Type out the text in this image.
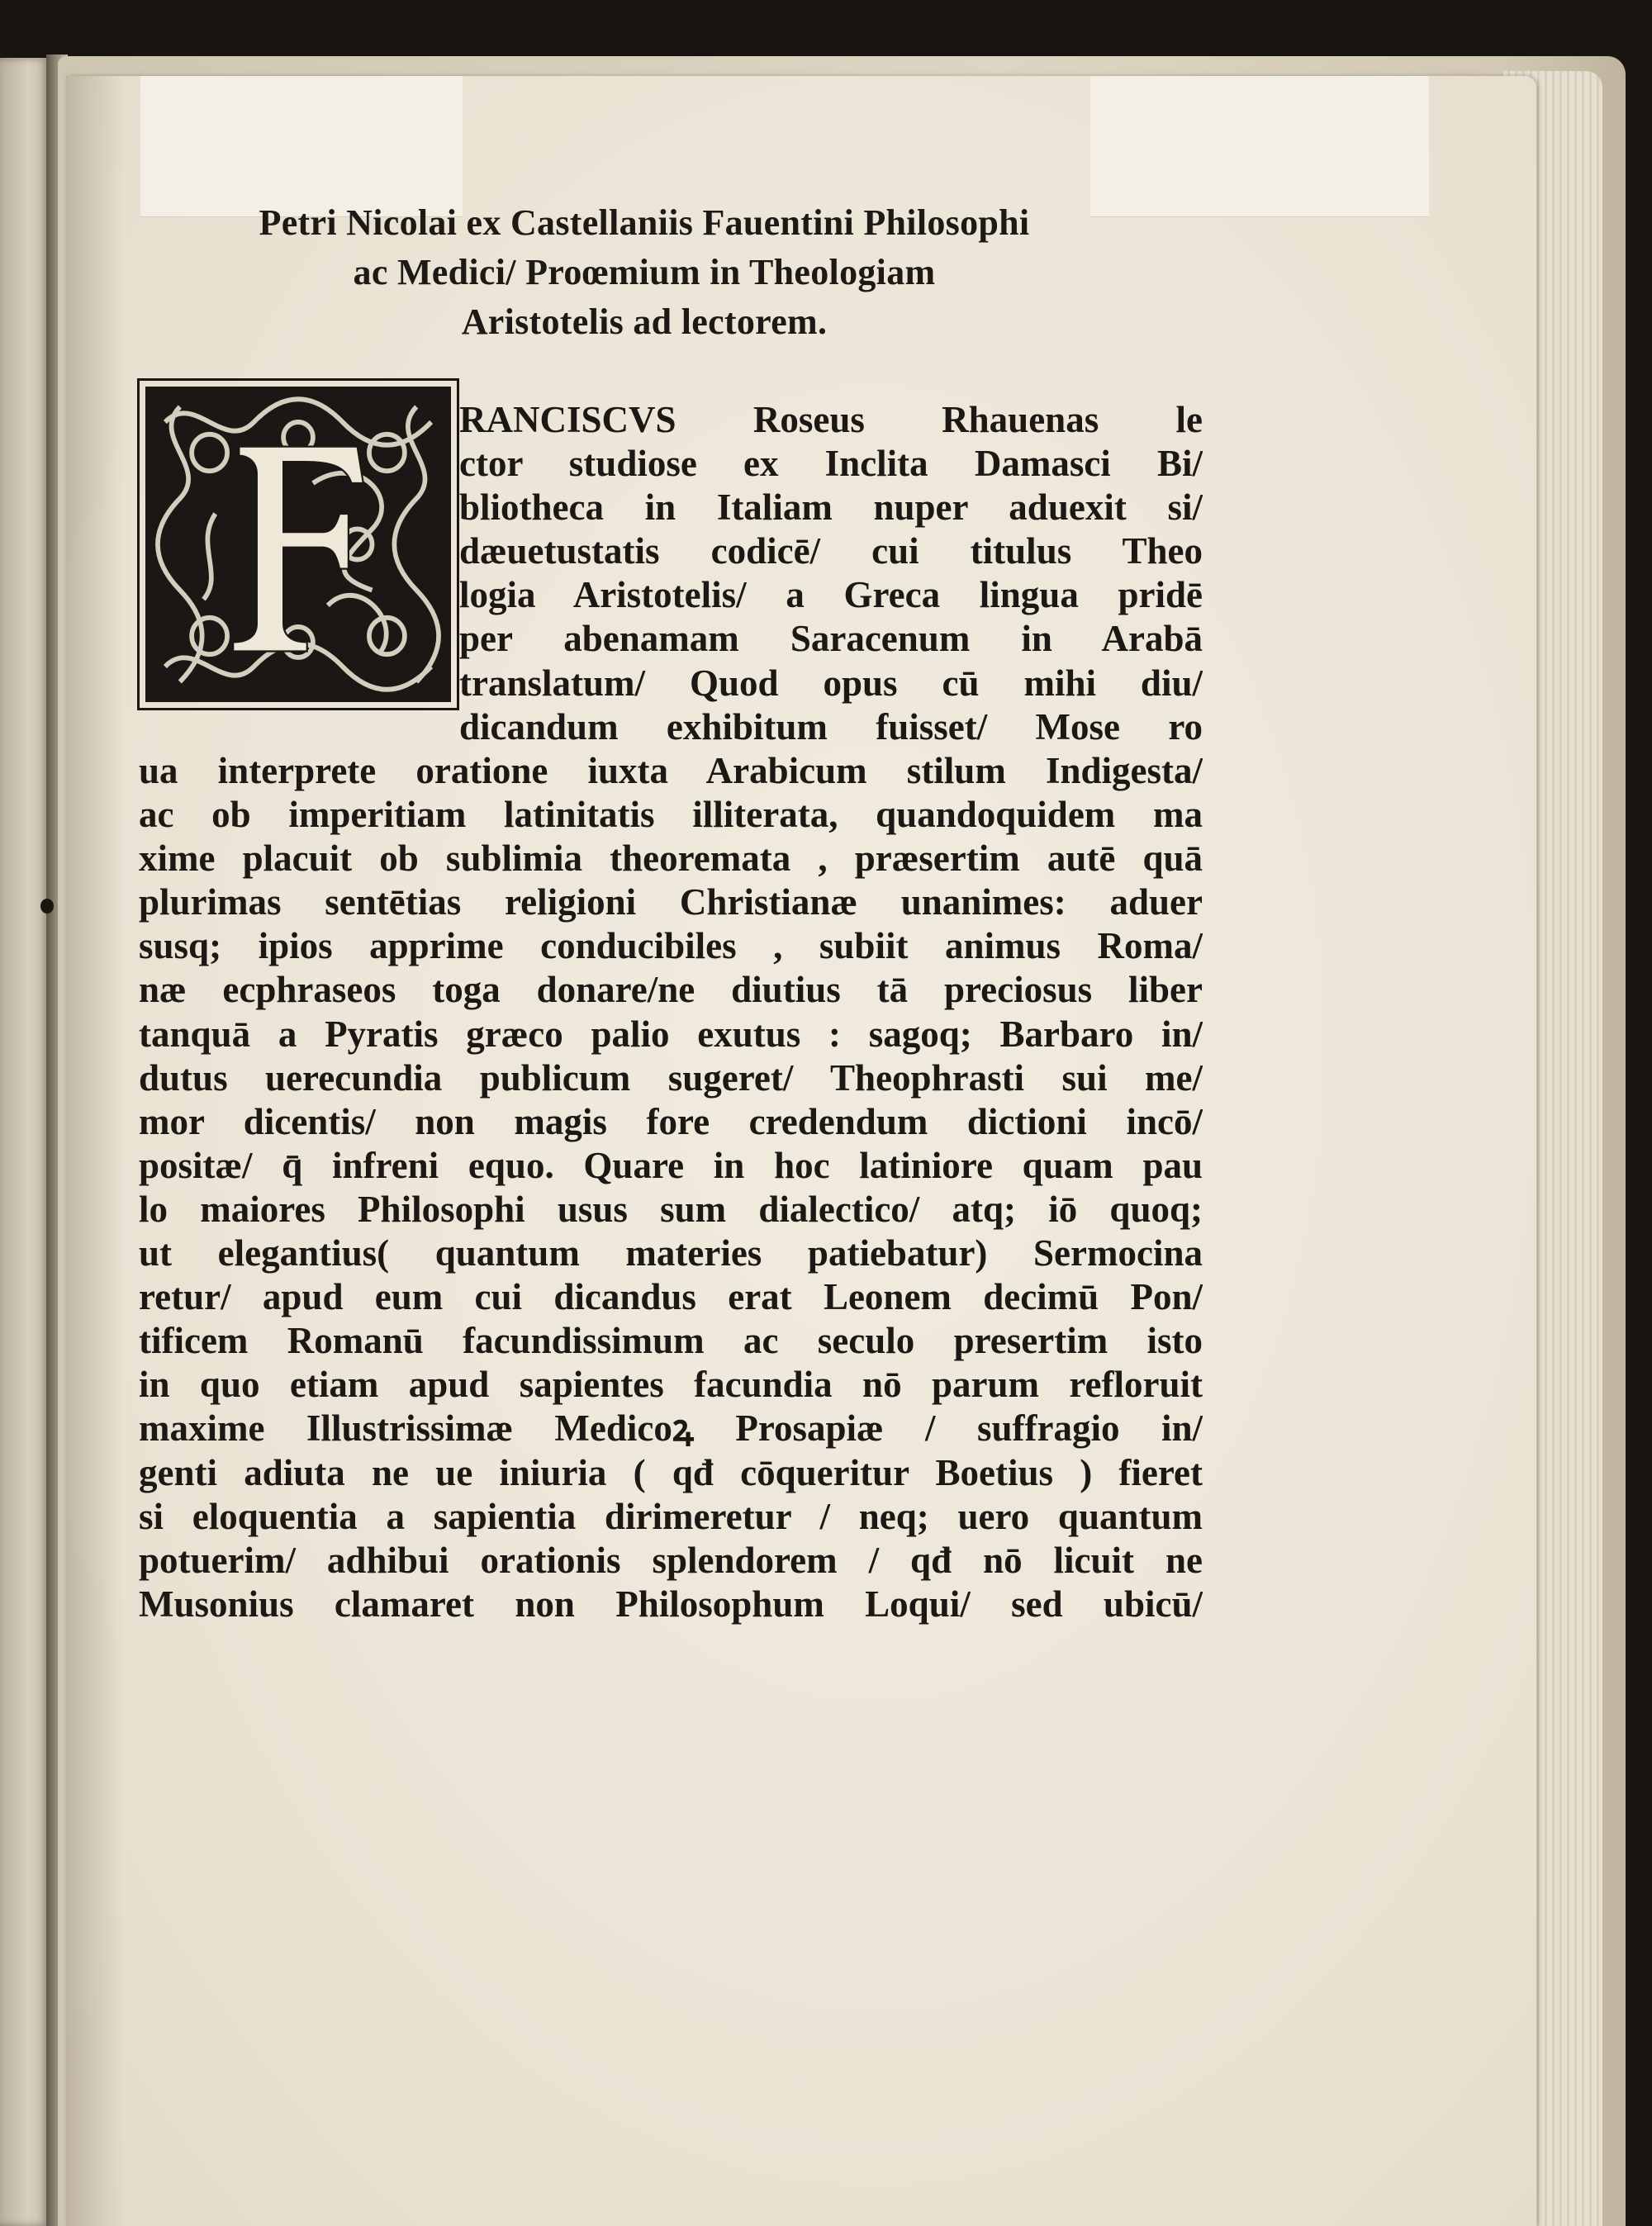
Petri Nicolai ex Castellaniis Fauentini Philosophi
ac Medici/ Proœmium in Theologiam
Aristotelis ad lectorem.
RANCISCVS Roseus Rhauenas le
ctor studiose ex Inclita Damasci Bi/
bliotheca in Italiam nuper aduexit si/
dæuetustatis codicē/ cui titulus Theo
logia Aristotelis/ a Greca lingua pridē
per abenamam Saracenum in Arabā
translatum/ Quod opus cū mihi diu/
dicandum exhibitum fuisset/ Mose ro
ua interprete oratione iuxta Arabicum stilum Indigesta/
ac ob imperitiam latinitatis illiterata, quandoquidem ma
xime placuit ob sublimia theoremata , præsertim autē quā
plurimas sentētias religioni Christianæ unanimes: aduer
susq; ipios apprime conducibiles , subiit animus Roma/
næ ecphraseos toga donare/ne diutius tā preciosus liber
tanquā a Pyratis græco palio exutus : sagoq; Barbaro in/
dutus uerecundia publicum sugeret/ Theophrasti sui me/
mor dicentis/ non magis fore credendum dictioni incō/
positæ/ q̄ infreni equo. Quare in hoc latiniore quam pau
lo maiores Philosophi usus sum dialectico/ atq; iō quoq;
ut elegantius( quantum materies patiebatur) Sermocina
retur/ apud eum cui dicandus erat Leonem decimū Pon/
tificem Romanū facundissimum ac seculo presertim isto
in quo etiam apud sapientes facundia nō parum refloruit
maxime Illustrissimæ Medicoꝝ Prosapiæ / suffragio in/
genti adiuta ne ue iniuria ( qđ cōqueritur Boetius ) fieret
si eloquentia a sapientia dirimeretur / neq; uero quantum
potuerim/ adhibui orationis splendorem / qđ nō licuit ne
Musonius clamaret non Philosophum Loqui/ sed ubicū/
